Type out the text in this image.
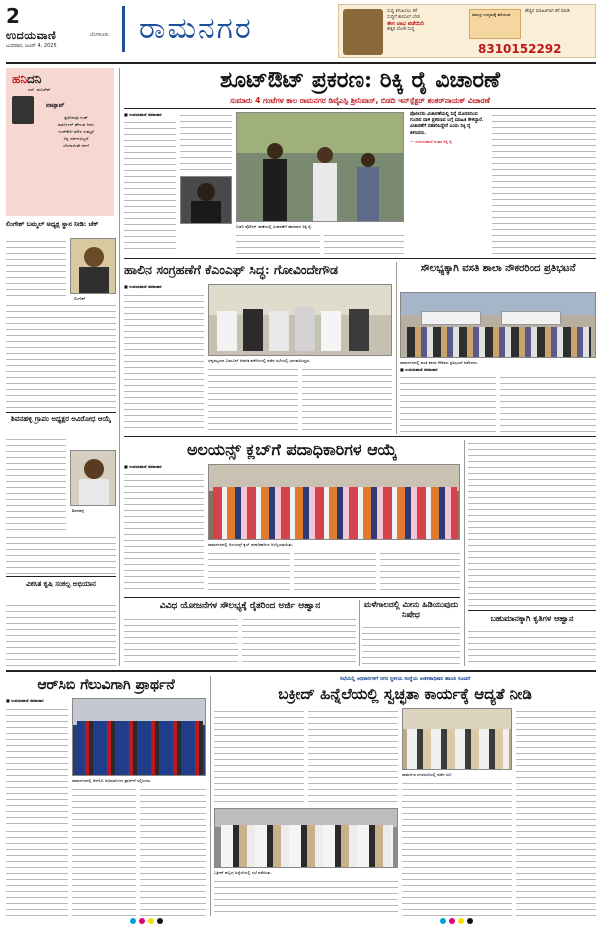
2
ಉದಯವಾಣಿ	ಬೆಂಗಳೂರು
ಬುಧವಾರ, ಜೂನ್ 4, 2025	ರಾಮನಗರ	ಸುದ್ದಿ ಕಳುಹಿಸಲು ಕರೆ
ಸುದ್ದಿಗೆ ಕಾಯಲ್ ಬೇಡ
ಈಗ ಲಾಭ ಪಡೆಯಿರಿ
ಹತ್ತಿರ ಲೋಕ ಸುದ್ದಿ
ಸಮುದ್ರ ಉದ್ಯಮಕ್ಕೆ ಹರಿಯುವ
ಹೆಚ್ಚಿನ ಮಾಹಿತಿಗಾಗಿ ಕರೆ ಮಾಡಿ
8310152292
ಹನಿದನಿ
ಎಸ್. ಡಂಬರೇಶ್
ವಾಟ್ಸಾಪ್
ಪ್ರತಿದಿನವೂ ಗುಡ್
ಮಾರ್ನಿಂಗ್ ಹೇಳುವ ನೀನು
ಇಂದೇಕೋ ಮೌನ ಸುಮ್ಮನೆ
ನಿನ್ನ ದರ್ಶನವಿಲ್ಲದೆ
ಬೆಳಗಾಯಿತೇ ನನಗೆ
ಲಿಂಗೇಶ್ ಬಮ್ಮಲ್ ಅಧ್ಯಕ್ಷ ಸ್ಥಾನ ನೀಡಿ: ಚೆಕ್
ಲಿಂಗೇಶ್
ಶಿವನಹಳ್ಳಿ ಗ್ರಾಪಂ ಅಧ್ಯಕ್ಷರ ಅವಿರೋಧ ಆಯ್ಕೆ
ಶಿವನಹಳ್ಳಿ
ವಿಕಸಿತ ಕೃಷಿ ಸಂಕಲ್ಪ ಅಭಿಯಾನ
ಶೂಟ್‌ಔಟ್ ಪ್ರಕರಣ: ರಿಕ್ಕಿ ರೈ ವಿಚಾರಣೆ
ಸುಮಾರು 4 ಗಂಟೆಗಳ ಕಾಲ ರಾಮನಗರ ಡಿವೈಎಸ್ಪಿ ಶ್ರೀನಿವಾಸ್, ಬಿಡದಿ ಇನ್‌ಸ್ಪೆಕ್ಟರ್ ಶಂಕರ್‌ನಾಯಕ್ ವಿಚಾರಣೆ
■ ಉದಯವಾಣಿ ಸಮಾಚಾರ
ಬಿಡದಿ ಪೊಲೀಸ್ ಠಾಣೆಯಲ್ಲಿ ವಿಚಾರಣೆಗೆ ಹಾಜರಾದ ರಿಕ್ಕಿ ರೈ.
ಪೊಲೀಸರು ವಿಚಾರಣೆಯಲ್ಲಿ ನಿನ್ನೆ ಮೊದಲಿನಿಂದ ಗುಂಡಿನ ದಾಳಿ ಪ್ರಕರಣದ ಬಗ್ಗೆ ಮಾಹಿತಿ ಕೇಳಿದ್ದಾರೆ. ವಿಚಾರಣೆಗೆ ಸಹಕರಿಸಿದ್ದೇನೆ ಎಂದು ರಿಕ್ಕಿ ರೈ ತಿಳಿಸಿದರು.
— ಉದಯವಾಣಿ ನಂತರ ರಿಕ್ಕಿ ರೈ
ಹಾಲಿನ ಸಂಗ್ರಹಣೆಗೆ ಕೆಎಂಎಫ್ ಸಿದ್ಧ: ಗೋವಿಂದೇಗೌಡ
■ ಉದಯವಾಣಿ ಸಮಾಚಾರ
ಚನ್ನಪಟ್ಟಣದ ಬಮೂಲ್ ಆಡಳಿತ ಕಚೇರಿಯಲ್ಲಿ ನಡೆದ ಸಭೆಯಲ್ಲಿ ಭಾಗವಹಿಸಿದ್ದರು.
ಸೌಲಭ್ಯಕ್ಕಾಗಿ ವಸತಿ ಶಾಲಾ ನೌಕರರಿಂದ ಪ್ರತಿಭಟನೆ
ರಾಮನಗರದಲ್ಲಿ ವಸತಿ ಶಾಲಾ ನೌಕರರು ಪ್ರತಿಭಟನೆ ನಡೆಸಿದರು.
■ ಉದಯವಾಣಿ ಸಮಾಚಾರ
ಅಲಯನ್ಸ್ ಕ್ಲಬ್‌ಗೆ ಪದಾಧಿಕಾರಿಗಳ ಆಯ್ಕೆ
■ ಉದಯವಾಣಿ ಸಮಾಚಾರ
ರಾಮನಗರದಲ್ಲಿ ಅಲಯನ್ಸ್ ಕ್ಲಬ್ ಪದಾಧಿಕಾರಿಗಳ ಆಯ್ಕೆಯಾಯಿತು.
ಬಹುಮಾನಕ್ಕಾಗಿ ಕೃತಿಗಳ ಆಹ್ವಾನ
ವಿವಿಧ ಯೋಜನೆಗಳ ಸೌಲಭ್ಯಕ್ಕೆ ರೈತರಿಂದ ಅರ್ಜಿ ಆಹ್ವಾನ	ಮಳೆಗಾಲದಲ್ಲಿ ಮೀನು ಹಿಡಿಯುವುದು ನಿಷೇಧ
ಆರ್‌ಸಿಬಿ ಗೆಲುವಿಗಾಗಿ ಪ್ರಾರ್ಥನೆ
■ ಉದಯವಾಣಿ ಸಮಾಚಾರ
ರಾಮನಗರದಲ್ಲಿ ಆರ್‌ಸಿಬಿ ಅಭಿಮಾನಿಗಳು ಪ್ರಾರ್ಥನೆ ಸಲ್ಲಿಸಿದರು.
ಸಭೆಯಲ್ಲಿ ಅಧಿಕಾರಿಗಳಿಗೆ ನಗರ ಸ್ಥಳೀಯ ಸಂಸ್ಥೆಯ ಆಡಳಿತಾಧಿಕಾರಿ ಹಾಜರಿ ಸೂಚನೆ
ಬಕ್ರೀದ್ ಹಿನ್ನೆಲೆಯಲ್ಲಿ ಸ್ವಚ್ಛತಾ ಕಾರ್ಯಕ್ಕೆ ಆದ್ಯತೆ ನೀಡಿ
ರಾಮನಗರ ನಗರಸಭೆಯಲ್ಲಿ ನಡೆದ ಸಭೆ.
ಬಕ್ರೀದ್ ಹಬ್ಬದ ಹಿನ್ನೆಲೆಯಲ್ಲಿ ಸಭೆ ನಡೆಯಿತು.
